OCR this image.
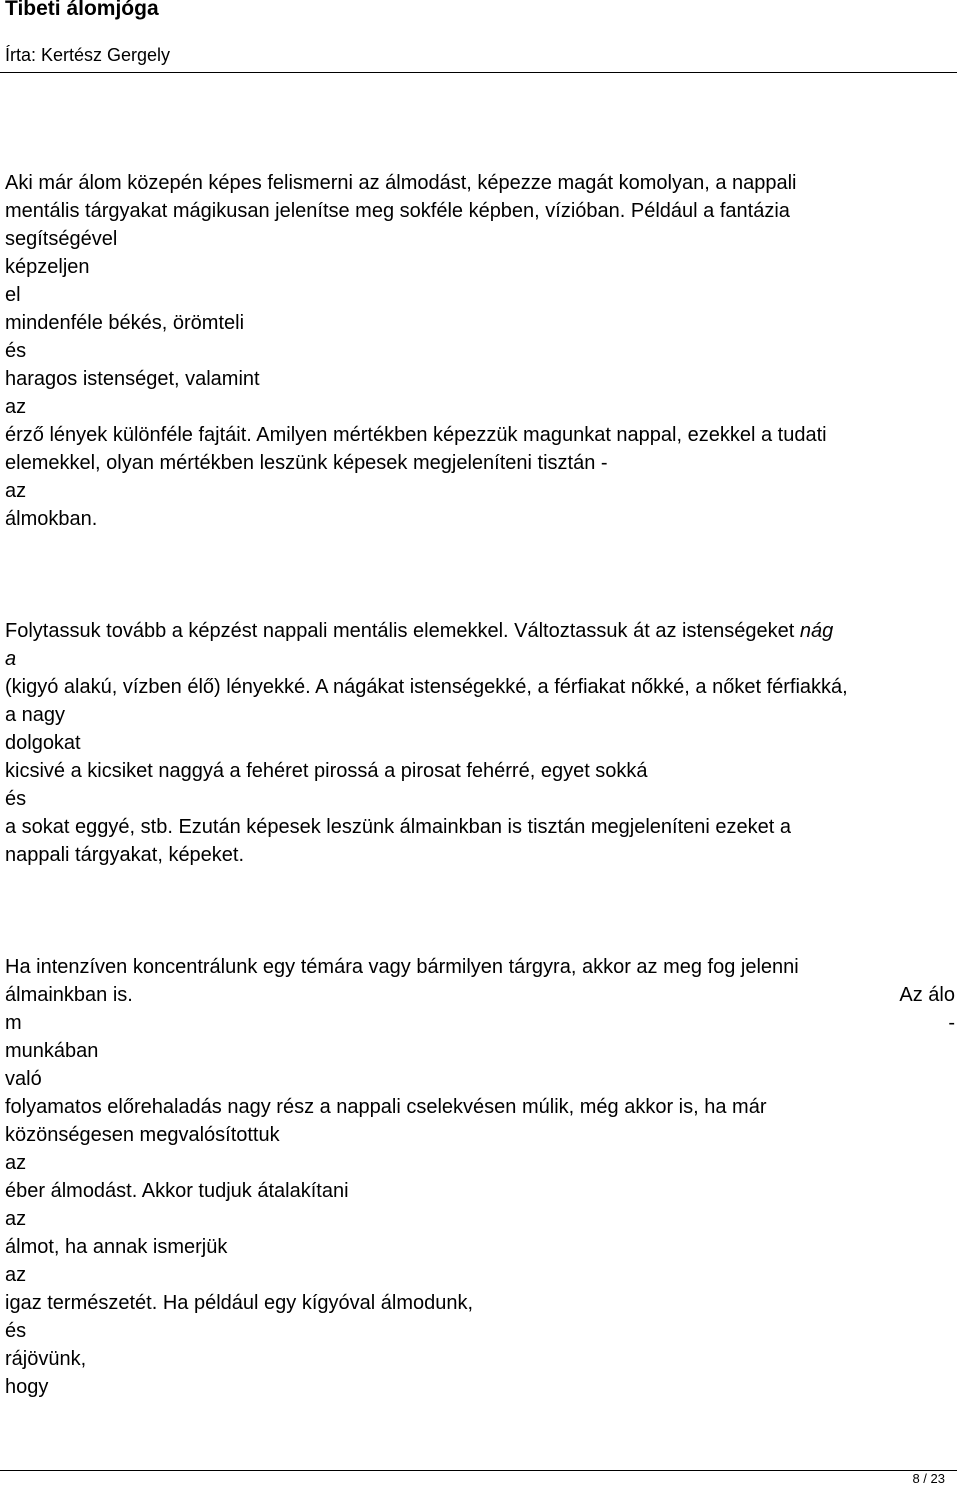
Tibeti álomjóga
Írta: Kertész Gergely
Aki már álom közepén képes felismerni az álmodást, képezze magát komolyan, a nappali
mentális tárgyakat mágikusan jelenítse meg sokféle képben, vízióban. Például a fantázia
segítségével
képzeljen
el
mindenféle békés, örömteli
és
haragos istenséget, valamint
az
érző lények különféle fajtáit. Amilyen mértékben képezzük magunkat nappal, ezekkel a tudati
elemekkel, olyan mértékben leszünk képesek megjeleníteni tisztán -
az
álmokban.
Folytassuk tovább a képzést nappali mentális elemekkel. Változtassuk át az istenségeket nág
a
(kigyó alakú, vízben élő) lényekké. A nágákat istenségekké, a férfiakat nőkké, a nőket férfiakká,
a nagy
dolgokat
kicsivé a kicsiket naggyá a fehéret pirossá a pirosat fehérré, egyet sokká
és
a sokat eggyé, stb. Ezután képesek leszünk álmainkban is tisztán megjeleníteni ezeket a
nappali tárgyakat, képeket.
Ha intenzíven koncentrálunk egy témára vagy bármilyen tárgyra, akkor az meg fog jelenni
álmainkban is.	Az álo
m	-
munkában
való
folyamatos előrehaladás nagy rész a nappali cselekvésen múlik, még akkor is, ha már
közönségesen megvalósítottuk
az
éber álmodást. Akkor tudjuk átalakítani
az
álmot, ha annak ismerjük
az
igaz természetét. Ha például egy kígyóval álmodunk,
és
rájövünk,
hogy
8 / 23
